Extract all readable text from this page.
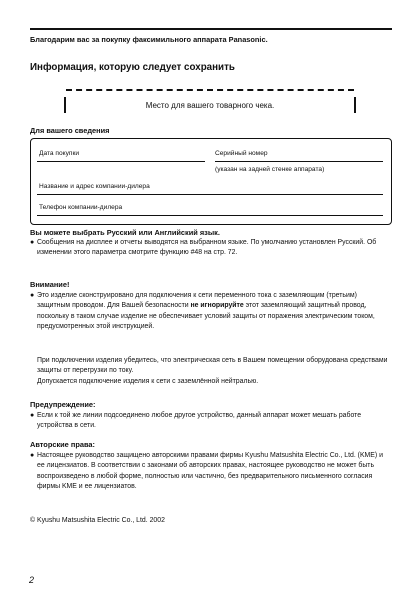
Благодарим вас за покупку факсимильного аппарата Panasonic.
Информация, которую следует сохранить
Место для вашего товарного чека.
Для вашего сведения
Дата покупки	Серийный номер
(указан на задней стенке аппарата)
Название и адрес компании-дилера
Телефон компании-дилера
Вы можете выбрать Русский или Английский язык.
● Сообщения на дисплее и отчеты выводятся на выбранном языке. По умолчанию установлен Русский. Об изменении этого параметра смотрите функцию #48 на стр. 72.
Внимание!
● Это изделие сконструировано для подключения к сети переменного тока с заземляющим (третьим) защитным проводом. Для Вашей безопасности не игнорируйте этот заземляющий защитный провод, поскольку в таком случае изделие не обеспечивает условий защиты от поражения электрическим током, предусмотренных этой инструкцией.
При подключении изделия убедитесь, что электрическая сеть в Вашем помещении оборудована средствами защиты от перегрузки по току.
Допускается подключение изделия к сети с заземлённой нейтралью.
Предупреждение:
● Если к той же линии подсоединено любое другое устройство, данный аппарат может мешать работе устройства в сети.
Авторские права:
● Настоящее руководство защищено авторскими правами фирмы Kyushu Matsushita Electric Co., Ltd. (KME) и ее лицензиатов. В соответствии с законами об авторских правах, настоящее руководство не может быть воспроизведено в любой форме, полностью или частично, без предварительного письменного согласия фирмы KME и ее лицензиатов.
© Kyushu Matsushita Electric Co., Ltd. 2002
2
